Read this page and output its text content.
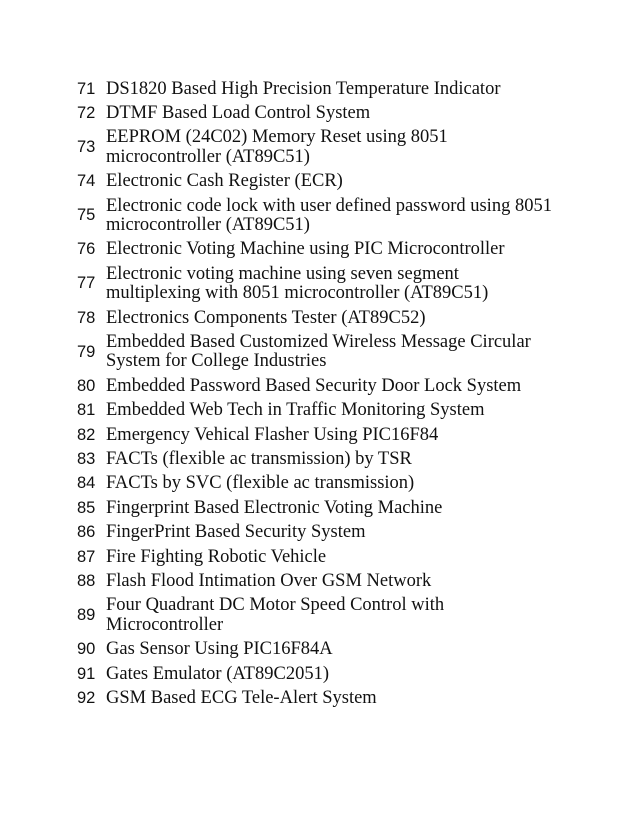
71 DS1820 Based High Precision Temperature Indicator
72 DTMF Based Load Control System
73 EEPROM (24C02) Memory Reset using 8051
microcontroller (AT89C51)
74 Electronic Cash Register (ECR)
75 Electronic code lock with user defined password using 8051
microcontroller (AT89C51)
76 Electronic Voting Machine using PIC Microcontroller
77 Electronic voting machine using seven segment
multiplexing with 8051 microcontroller (AT89C51)
78 Electronics Components Tester (AT89C52)
79 Embedded Based Customized Wireless Message Circular
System for College Industries
80 Embedded Password Based Security Door Lock System
81 Embedded Web Tech in Traffic Monitoring System
82 Emergency Vehical Flasher Using PIC16F84
83 FACTs (flexible ac transmission) by TSR
84 FACTs by SVC (flexible ac transmission)
85 Fingerprint Based Electronic Voting Machine
86 FingerPrint Based Security System
87 Fire Fighting Robotic Vehicle
88 Flash Flood Intimation Over GSM Network
89 Four Quadrant DC Motor Speed Control with
Microcontroller
90 Gas Sensor Using PIC16F84A
91 Gates Emulator (AT89C2051)
92 GSM Based ECG Tele-Alert System
